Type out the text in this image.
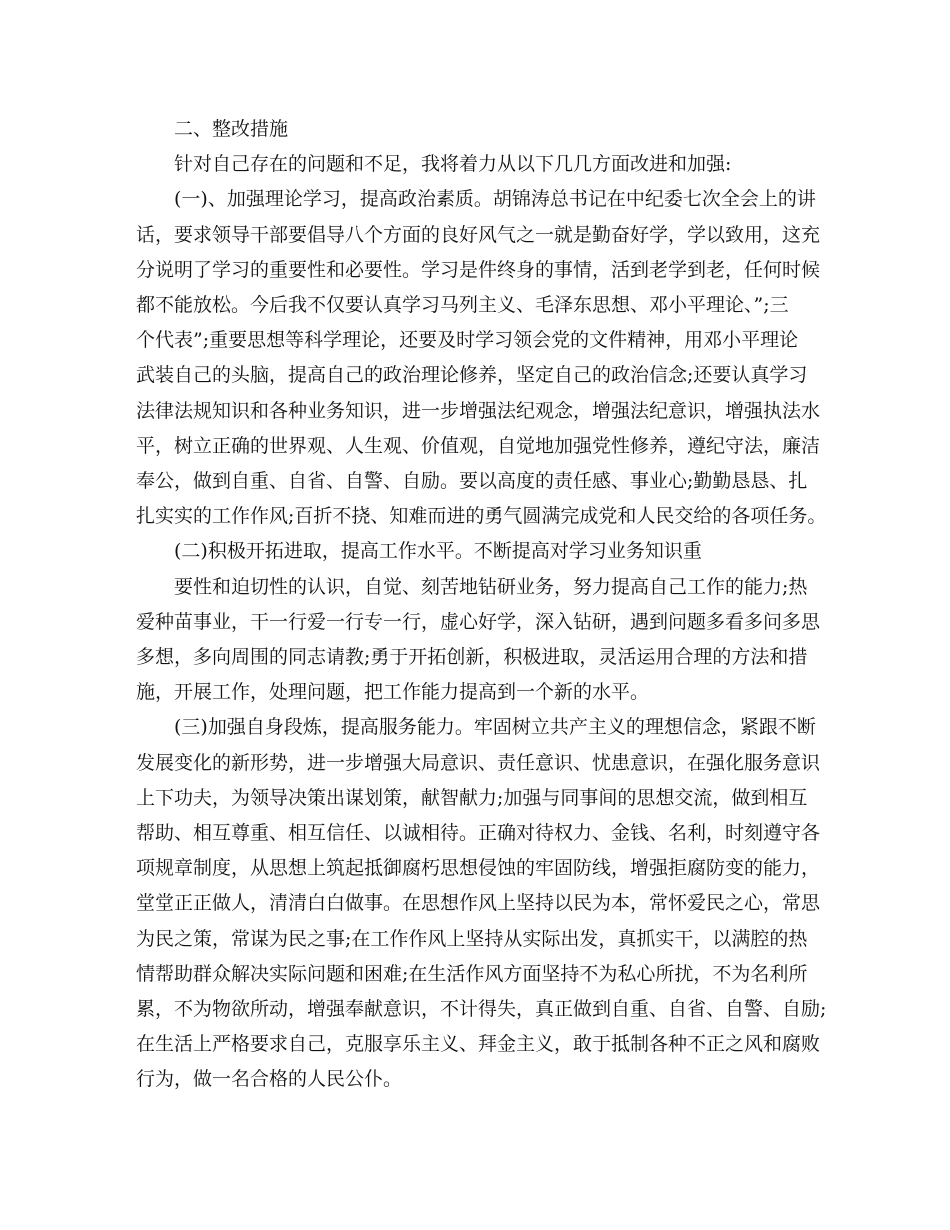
二、整改措施
针对自己存在的问题和不足，我将着力从以下几几方面改进和加强:
(一)、加强理论学习，提高政治素质。胡锦涛总书记在中纪委七次全会上的讲
话，要求领导干部要倡导八个方面的良好风气之一就是勤奋好学，学以致用，这充
分说明了学习的重要性和必要性。学习是件终身的事情，活到老学到老，任何时候
都不能放松。今后我不仅要认真学习马列主义、毛泽东思想、邓小平理论、”;三
个代表”;重要思想等科学理论，还要及时学习领会党的文件精神，用邓小平理论
武装自己的头脑，提高自己的政治理论修养，坚定自己的政治信念;还要认真学习
法律法规知识和各种业务知识，进一步增强法纪观念，增强法纪意识，增强执法水
平，树立正确的世界观、人生观、价值观，自觉地加强党性修养，遵纪守法，廉洁
奉公，做到自重、自省、自警、自励。要以高度的责任感、事业心;勤勤恳恳、扎
扎实实的工作作风;百折不挠、知难而进的勇气圆满完成党和人民交给的各项任务。
(二)积极开拓进取，提高工作水平。不断提高对学习业务知识重
要性和迫切性的认识，自觉、刻苦地钻研业务，努力提高自己工作的能力;热
爱种苗事业，干一行爱一行专一行，虚心好学，深入钻研，遇到问题多看多问多思
多想，多向周围的同志请教;勇于开拓创新，积极进取，灵活运用合理的方法和措
施，开展工作，处理问题，把工作能力提高到一个新的水平。
(三)加强自身段炼，提高服务能力。牢固树立共产主义的理想信念，紧跟不断
发展变化的新形势，进一步增强大局意识、责任意识、忧患意识，在强化服务意识
上下功夫，为领导决策出谋划策，献智献力;加强与同事间的思想交流，做到相互
帮助、相互尊重、相互信任、以诚相待。正确对待权力、金钱、名利，时刻遵守各
项规章制度，从思想上筑起抵御腐朽思想侵蚀的牢固防线，增强拒腐防变的能力，
堂堂正正做人，清清白白做事。在思想作风上坚持以民为本，常怀爱民之心，常思
为民之策，常谋为民之事;在工作作风上坚持从实际出发，真抓实干，以满腔的热
情帮助群众解决实际问题和困难;在生活作风方面坚持不为私心所扰，不为名利所
累，不为物欲所动，增强奉献意识，不计得失，真正做到自重、自省、自警、自励;
在生活上严格要求自己，克服享乐主义、拜金主义，敢于抵制各种不正之风和腐败
行为，做一名合格的人民公仆。
